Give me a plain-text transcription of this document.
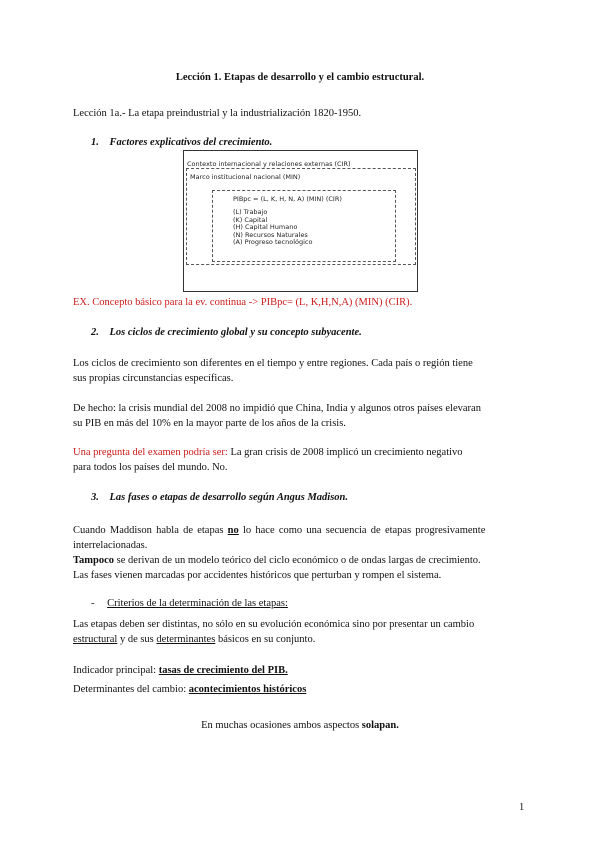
Lección 1. Etapas de desarrollo y el cambio estructural.
Lección 1a.- La etapa preindustrial y la industrialización 1820-1950.
1. Factores explicativos del crecimiento.
Contexto internacional y relaciones externas (CIR)
Marco institucional nacional (MIN)
PIBpc = (L, K, H, N, A) (MIN) (CIR)
(L) Trabajo
(K) Capital
(H) Capital Humano
(N) Recursos Naturales
(A) Progreso tecnológico
EX. Concepto básico para la ev. continua -> PIBpc= (L, K,H,N,A) (MIN) (CIR).
2. Los ciclos de crecimiento global y su concepto subyacente.
Los ciclos de crecimiento son diferentes en el tiempo y entre regiones. Cada país o región tiene
sus propias circunstancias específicas.
De hecho: la crisis mundial del 2008 no impidió que China, India y algunos otros países elevaran
su PIB en más del 10% en la mayor parte de los años de la crisis.
Una pregunta del examen podría ser: La gran crisis de 2008 implicó un crecimiento negativo
para todos los países del mundo. No.
3. Las fases o etapas de desarrollo según Angus Madison.
Cuando Maddison habla de etapas no lo hace como una secuencia de etapas progresivamente
interrelacionadas.
Tampoco se derivan de un modelo teórico del ciclo económico o de ondas largas de crecimiento.
Las fases vienen marcadas por accidentes históricos que perturban y rompen el sistema.
- Criterios de la determinación de las etapas:
Las etapas deben ser distintas, no sólo en su evolución económica sino por presentar un cambio
estructural y de sus determinantes básicos en su conjunto.
Indicador principal: tasas de crecimiento del PIB.
Determinantes del cambio: acontecimientos históricos
En muchas ocasiones ambos aspectos solapan.
1
